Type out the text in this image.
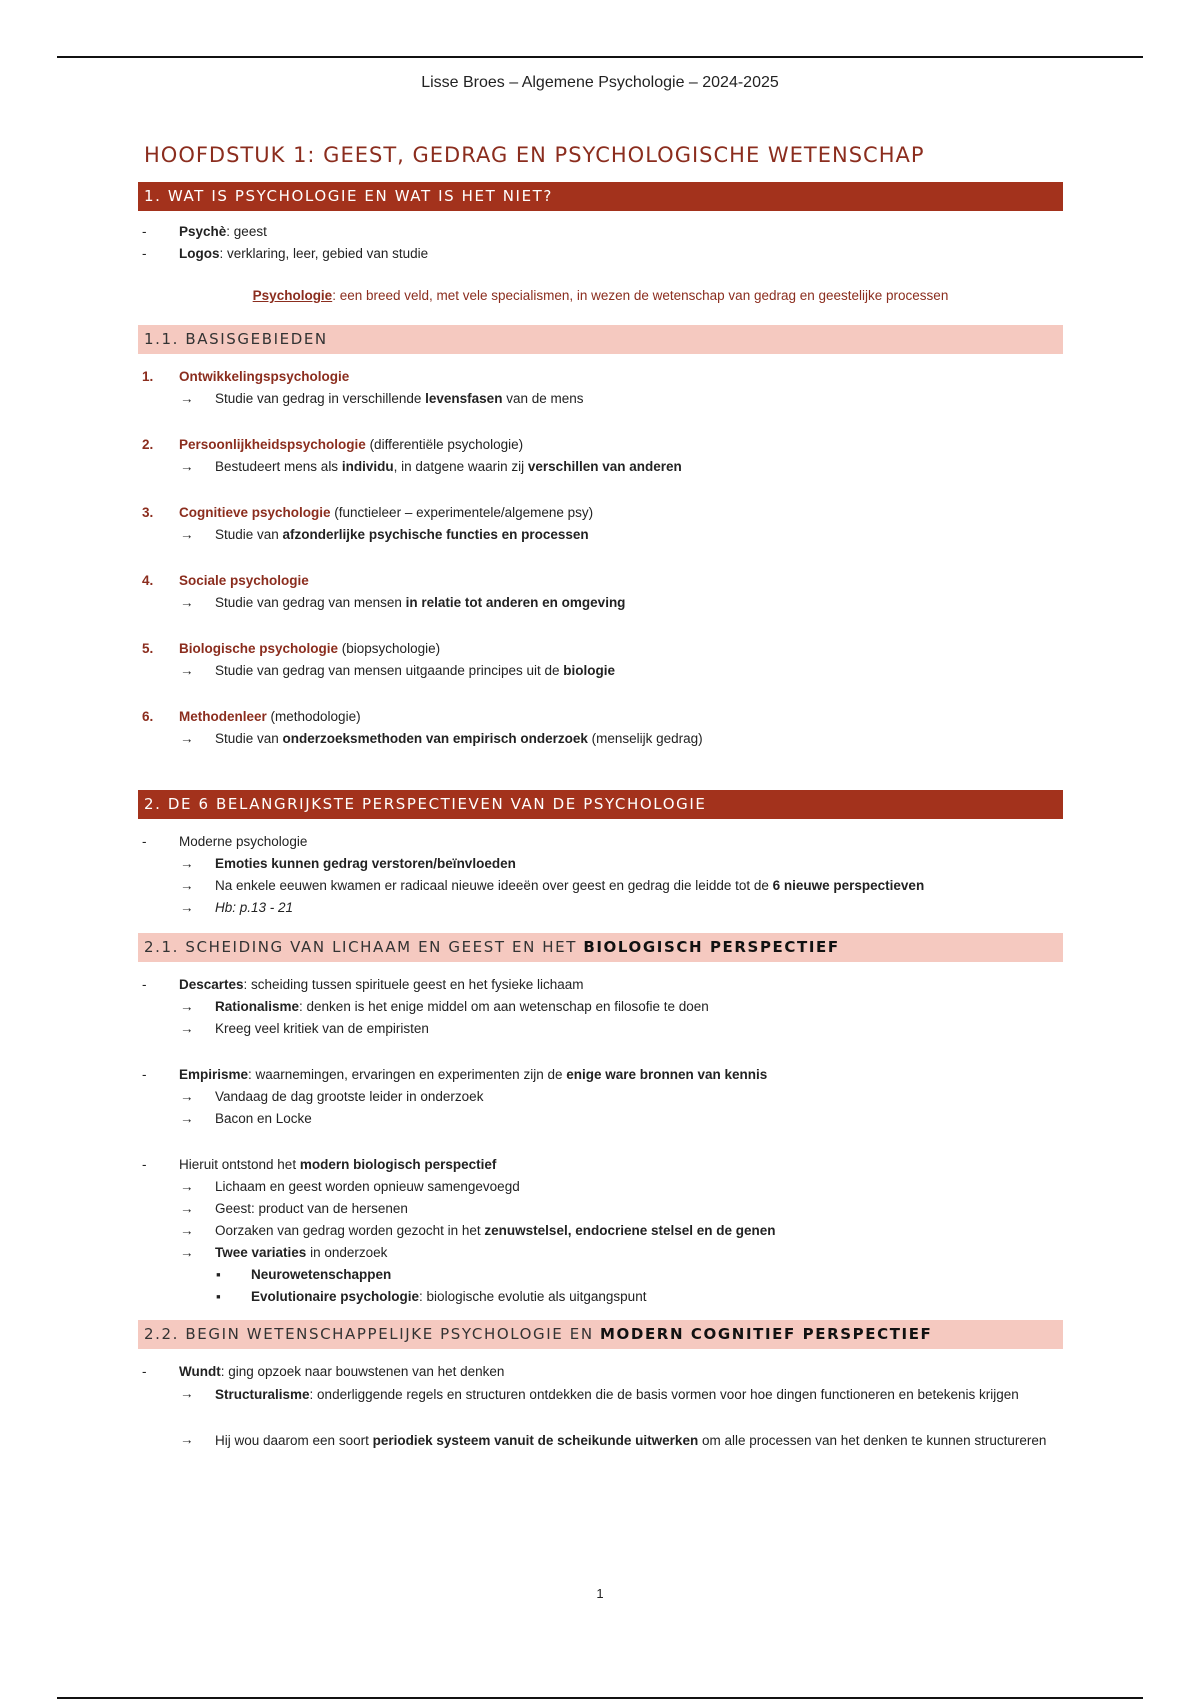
Lisse Broes – Algemene Psychologie – 2024-2025
HOOFDSTUK 1: GEEST, GEDRAG EN PSYCHOLOGISCHE WETENSCHAP
1. WAT IS PSYCHOLOGIE EN WAT IS HET NIET?
- Psychè: geest
- Logos: verklaring, leer, gebied van studie
Psychologie: een breed veld, met vele specialismen, in wezen de wetenschap van gedrag en geestelijke processen
1.1. BASISGEBIEDEN
1. Ontwikkelingspsychologie
→ Studie van gedrag in verschillende levensfasen van de mens
2. Persoonlijkheidspsychologie (differentiële psychologie)
→ Bestudeert mens als individu, in datgene waarin zij verschillen van anderen
3. Cognitieve psychologie (functieleer – experimentele/algemene psy)
→ Studie van afzonderlijke psychische functies en processen
4. Sociale psychologie
→ Studie van gedrag van mensen in relatie tot anderen en omgeving
5. Biologische psychologie (biopsychologie)
→ Studie van gedrag van mensen uitgaande principes uit de biologie
6. Methodenleer (methodologie)
→ Studie van onderzoeksmethoden van empirisch onderzoek (menselijk gedrag)
2. DE 6 BELANGRIJKSTE PERSPECTIEVEN VAN DE PSYCHOLOGIE
- Moderne psychologie
→ Emoties kunnen gedrag verstoren/beïnvloeden
→ Na enkele eeuwen kwamen er radicaal nieuwe ideeën over geest en gedrag die leidde tot de 6 nieuwe perspectieven
→ Hb: p.13 - 21
2.1. SCHEIDING VAN LICHAAM EN GEEST EN HET BIOLOGISCH PERSPECTIEF
- Descartes: scheiding tussen spirituele geest en het fysieke lichaam
→ Rationalisme: denken is het enige middel om aan wetenschap en filosofie te doen
→ Kreeg veel kritiek van de empiristen
- Empirisme: waarnemingen, ervaringen en experimenten zijn de enige ware bronnen van kennis
→ Vandaag de dag grootste leider in onderzoek
→ Bacon en Locke
- Hieruit ontstond het modern biologisch perspectief
→ Lichaam en geest worden opnieuw samengevoegd
→ Geest: product van de hersenen
→ Oorzaken van gedrag worden gezocht in het zenuwstelsel, endocriene stelsel en de genen
→ Twee variaties in onderzoek
▪ Neurowetenschappen
▪ Evolutionaire psychologie: biologische evolutie als uitgangspunt
2.2. BEGIN WETENSCHAPPELIJKE PSYCHOLOGIE EN MODERN COGNITIEF PERSPECTIEF
- Wundt: ging opzoek naar bouwstenen van het denken
→ Structuralisme: onderliggende regels en structuren ontdekken die de basis vormen voor hoe dingen functioneren en betekenis krijgen
→ Hij wou daarom een soort periodiek systeem vanuit de scheikunde uitwerken om alle processen van het denken te kunnen structureren
1
